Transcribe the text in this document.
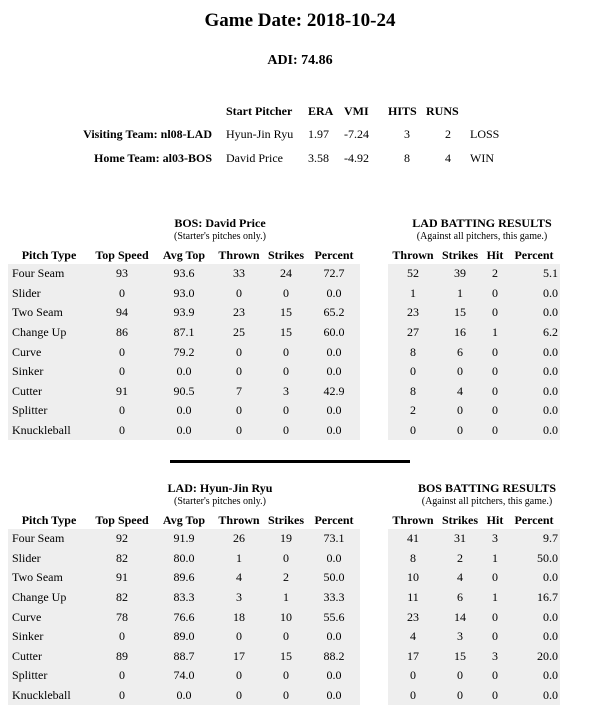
Game Date: 2018-10-24
ADI: 74.86
	Start Pitcher	ERA	VMI	HITS	RUNS	
Visiting Team: nl08-LAD	Hyun-Jin Ryu	1.97	-7.24	3	2	LOSS
Home Team: al03-BOS	David Price	3.58	-4.92	8	4	WIN
BOS: David Price
(Starter's pitches only.)
LAD BATTING RESULTS
(Against all pitchers, this game.)
Pitch Type	Top Speed	Avg Top	Thrown	Strikes	Percent		Thrown	Strikes	Hit	Percent
Four Seam	93	93.6	33	24	72.7		52	39	2	5.1
Slider	0	93.0	0	0	0.0		1	1	0	0.0
Two Seam	94	93.9	23	15	65.2		23	15	0	0.0
Change Up	86	87.1	25	15	60.0		27	16	1	6.2
Curve	0	79.2	0	0	0.0		8	6	0	0.0
Sinker	0	0.0	0	0	0.0		0	0	0	0.0
Cutter	91	90.5	7	3	42.9		8	4	0	0.0
Splitter	0	0.0	0	0	0.0		2	0	0	0.0
Knuckleball	0	0.0	0	0	0.0		0	0	0	0.0
LAD: Hyun-Jin Ryu
(Starter's pitches only.)
BOS BATTING RESULTS
(Against all pitchers, this game.)
Pitch Type	Top Speed	Avg Top	Thrown	Strikes	Percent		Thrown	Strikes	Hit	Percent
Four Seam	92	91.9	26	19	73.1		41	31	3	9.7
Slider	82	80.0	1	0	0.0		8	2	1	50.0
Two Seam	91	89.6	4	2	50.0		10	4	0	0.0
Change Up	82	83.3	3	1	33.3		11	6	1	16.7
Curve	78	76.6	18	10	55.6		23	14	0	0.0
Sinker	0	89.0	0	0	0.0		4	3	0	0.0
Cutter	89	88.7	17	15	88.2		17	15	3	20.0
Splitter	0	74.0	0	0	0.0		0	0	0	0.0
Knuckleball	0	0.0	0	0	0.0		0	0	0	0.0
